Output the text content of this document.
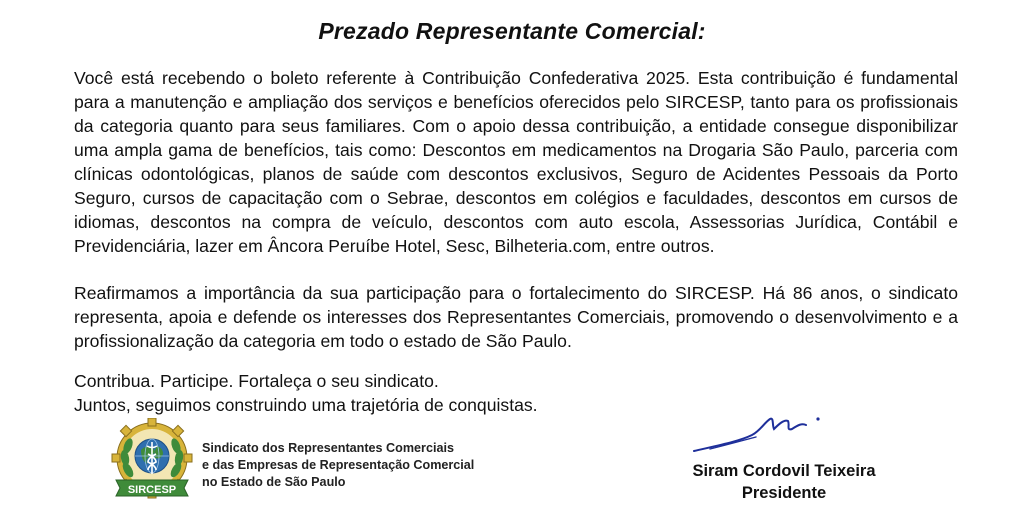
Prezado Representante Comercial:

Você está recebendo o boleto referente à Contribuição Confederativa 2025. Esta contribuição é fundamental para a manutenção e ampliação dos serviços e benefícios oferecidos pelo SIRCESP, tanto para os profissionais da categoria quanto para seus familiares. Com o apoio dessa contribuição, a entidade consegue disponibilizar uma ampla gama de benefícios, tais como: Descontos em medicamentos na Drogaria São Paulo, parceria com clínicas odontológicas, planos de saúde com descontos exclusivos, Seguro de Acidentes Pessoais da Porto Seguro, cursos de capacitação com o Sebrae, descontos em colégios e faculdades, descontos em cursos de idiomas, descontos na compra de veículo, descontos com auto escola, Assessorias Jurídica, Contábil e Previdenciária, lazer em Âncora Peruíbe Hotel, Sesc, Bilheteria.com, entre outros.

Reafirmamos a importância da sua participação para o fortalecimento do SIRCESP. Há 86 anos, o sindicato representa, apoia e defende os interesses dos Representantes Comerciais, promovendo o desenvolvimento e a profissionalização da categoria em todo o estado de São Paulo.

Contribua. Participe. Fortaleça o seu sindicato.

Juntos, seguimos construindo uma trajetória de conquistas.

SIRCESP
Sindicato dos Representantes Comerciais
e das Empresas de Representação Comercial
no Estado de São Paulo
Siram Cordovil Teixeira
Presidente
